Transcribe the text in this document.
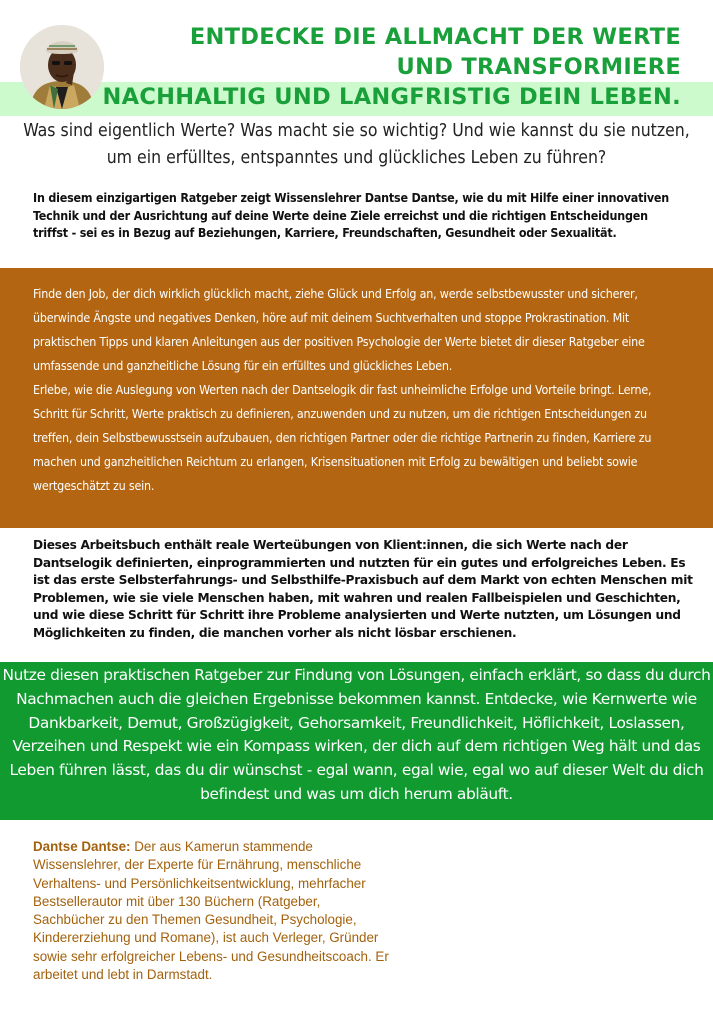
ENTDECKE DIE ALLMACHT DER WERTE
UND TRANSFORMIERE
NACHHALTIG UND LANGFRISTIG DEIN LEBEN.
Was sind eigentlich Werte? Was macht sie so wichtig? Und wie kannst du sie nutzen,
um ein erfülltes, entspanntes und glückliches Leben zu führen?
In diesem einzigartigen Ratgeber zeigt Wissenslehrer Dantse Dantse, wie du mit Hilfe einer innovativen Technik und der Ausrichtung auf deine Werte deine Ziele erreichst und die richtigen Entscheidungen triffst - sei es in Bezug auf Beziehungen, Karriere, Freundschaften, Gesundheit oder Sexualität.

Finde den Job, der dich wirklich glücklich macht, ziehe Glück und Erfolg an, werde selbstbewusster und sicherer, überwinde Ängste und negatives Denken, höre auf mit deinem Suchtverhalten und stoppe Prokrastination. Mit praktischen Tipps und klaren Anleitungen aus der positiven Psychologie der Werte bietet dir dieser Ratgeber eine umfassende und ganzheitliche Lösung für ein erfülltes und glückliches Leben.

Erlebe, wie die Auslegung von Werten nach der Dantselogik dir fast unheimliche Erfolge und Vorteile bringt. Lerne, Schritt für Schritt, Werte praktisch zu definieren, anzuwenden und zu nutzen, um die richtigen Entscheidungen zu treffen, dein Selbstbewusstsein aufzubauen, den richtigen Partner oder die richtige Partnerin zu finden, Karriere zu machen und ganzheitlichen Reichtum zu erlangen, Krisensituationen mit Erfolg zu bewältigen und beliebt sowie wertgeschätzt zu sein.

Dieses Arbeitsbuch enthält reale Werteübungen von Klient:innen, die sich Werte nach der Dantselogik definierten, einprogrammierten und nutzten für ein gutes und erfolgreiches Leben. Es ist das erste Selbsterfahrungs- und Selbsthilfe-Praxisbuch auf dem Markt von echten Menschen mit Problemen, wie sie viele Menschen haben, mit wahren und realen Fallbeispielen und Geschichten, und wie diese Schritt für Schritt ihre Probleme analysierten und Werte nutzten, um Lösungen und Möglichkeiten zu finden, die manchen vorher als nicht lösbar erschienen.

Nutze diesen praktischen Ratgeber zur Findung von Lösungen, einfach erklärt, so dass du durch Nachmachen auch die gleichen Ergebnisse bekommen kannst. Entdecke, wie Kernwerte wie Dankbarkeit, Demut, Großzügigkeit, Gehorsamkeit, Freundlichkeit, Höflichkeit, Loslassen, Verzeihen und Respekt wie ein Kompass wirken, der dich auf dem richtigen Weg hält und das Leben führen lässt, das du dir wünschst - egal wann, egal wie, egal wo auf dieser Welt du dich befindest und was um dich herum abläuft.

Dantse Dantse: Der aus Kamerun stammende Wissenslehrer, der Experte für Ernährung, menschliche Verhaltens- und Persönlichkeitsentwicklung, mehrfacher Bestsellerautor mit über 130 Büchern (Ratgeber, Sachbücher zu den Themen Gesundheit, Psychologie, Kindererziehung und Romane), ist auch Verleger, Gründer sowie sehr erfolgreicher Lebens- und Gesundheitscoach. Er arbeitet und lebt in Darmstadt.
